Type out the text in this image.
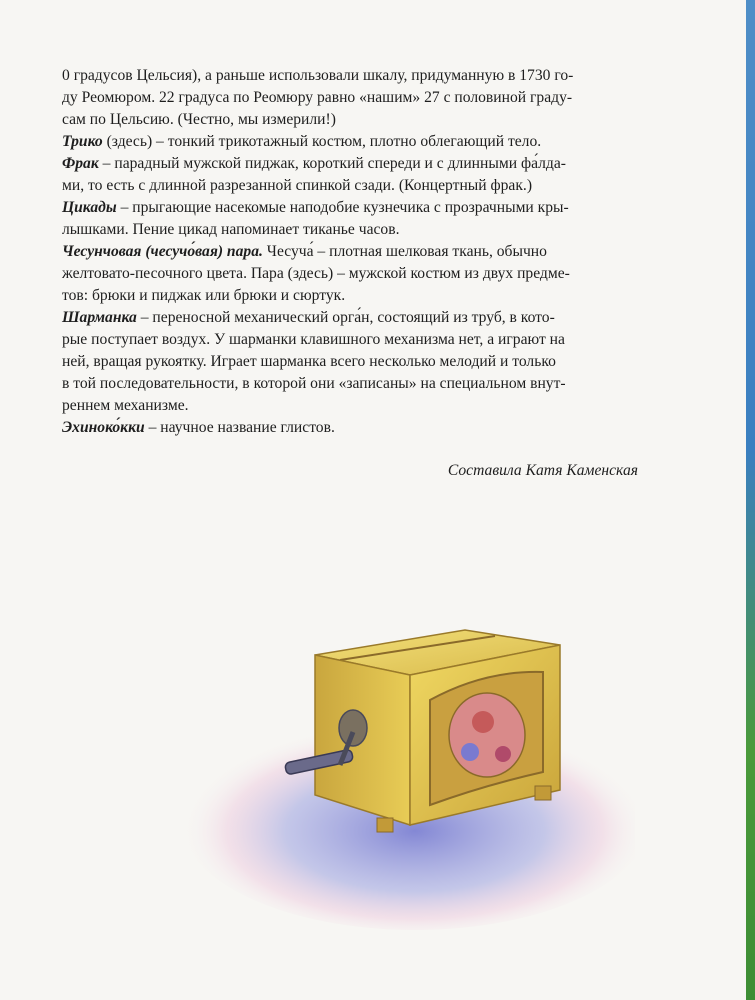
0 градусов Цельсия), а раньше использовали шкалу, придуманную в 1730 го-
ду Реомюром. 22 градуса по Реомюру равно «нашим» 27 с половиной граду-
сам по Цельсию. (Честно, мы измерили!)
Трико (здесь) – тонкий трикотажный костюм, плотно облегающий тело.
Фрак – парадный мужской пиджак, короткий спереди и с длинными фа́лда-
ми, то есть с длинной разрезанной спинкой сзади. (Концертный фрак.)
Цикады – прыгающие насекомые наподобие кузнечика с прозрачными кры-
лышками. Пение цикад напоминает тиканье часов.
Чесунчовая (чесучо́вая) пара. Чесуча́ – плотная шелковая ткань, обычно
желтовато-песочного цвета. Пара (здесь) – мужской костюм из двух предме-
тов: брюки и пиджак или брюки и сюртук.
Шарманка – переносной механический орга́н, состоящий из труб, в кото-
рые поступает воздух. У шарманки клавишного механизма нет, а играют на
ней, вращая рукоятку. Играет шарманка всего несколько мелодий и только
в той последовательности, в которой они «записаны» на специальном внут-
реннем механизме.
Эхиноко́кки – научное название глистов.
Составила Катя Каменская
